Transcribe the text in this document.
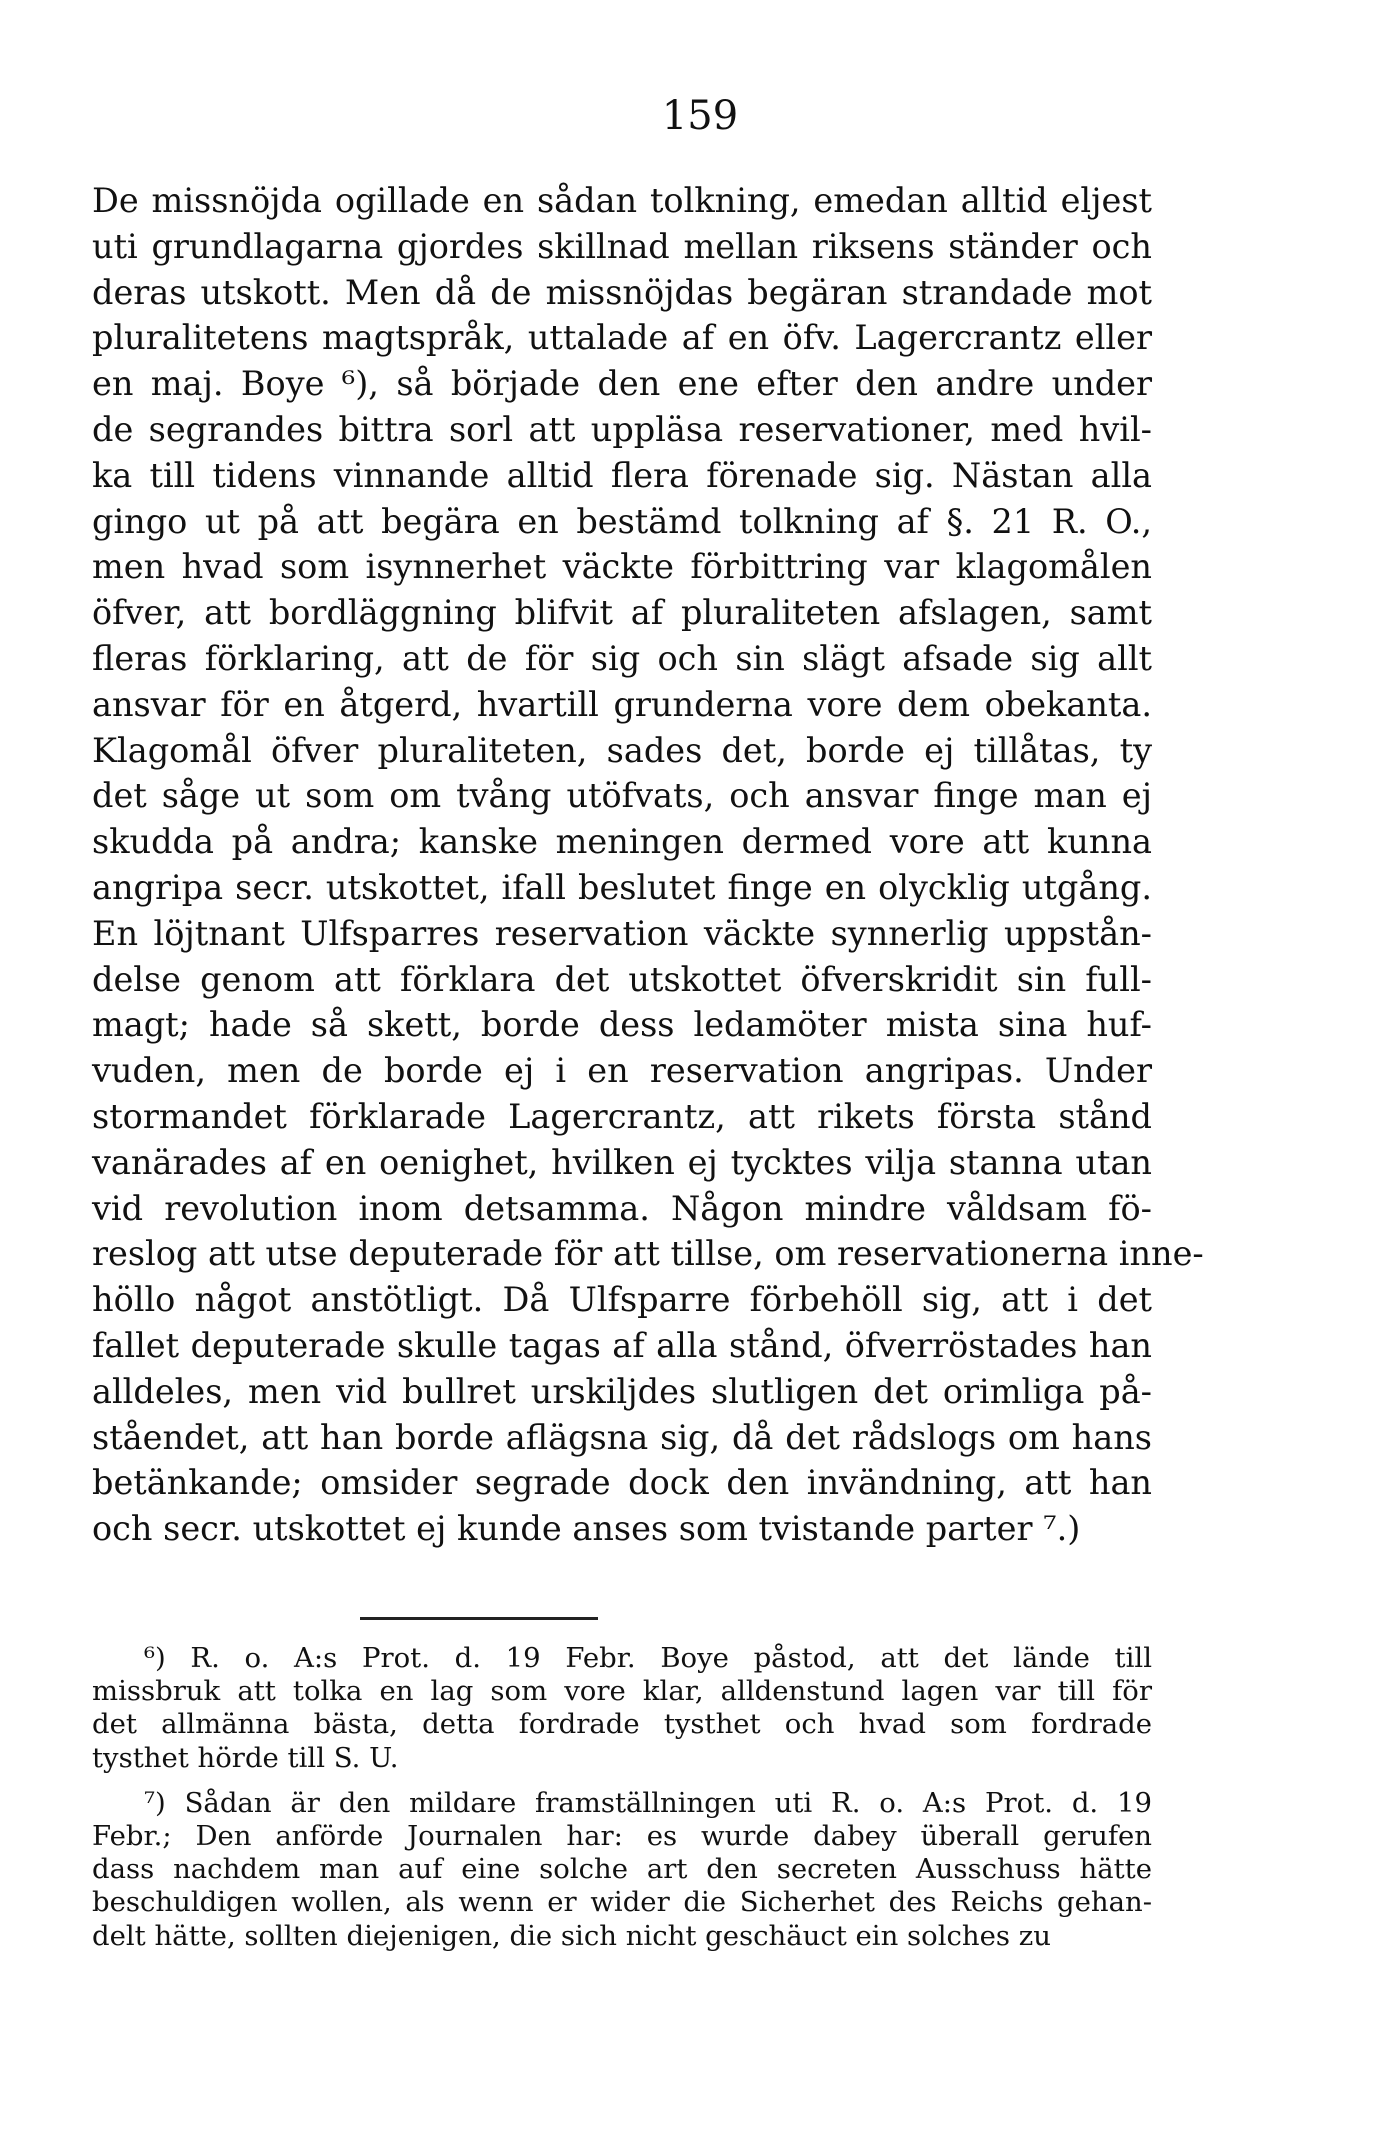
159
De missnöjda ogillade en sådan tolkning, emedan alltid eljest
uti grundlagarna gjordes skillnad mellan riksens ständer och
deras utskott. Men då de missnöjdas begäran strandade mot
pluralitetens magtspråk, uttalade af en öfv. Lagercrantz eller
en maj. Boye ⁶), så började den ene efter den andre under
de segrandes bittra sorl att uppläsa reservationer, med hvil-
ka till tidens vinnande alltid flera förenade sig. Nästan alla
gingo ut på att begära en bestämd tolkning af §. 21 R. O.,
men hvad som isynnerhet väckte förbittring var klagomålen
öfver, att bordläggning blifvit af pluraliteten afslagen, samt
fleras förklaring, att de för sig och sin slägt afsade sig allt
ansvar för en åtgerd, hvartill grunderna vore dem obekanta.
Klagomål öfver pluraliteten, sades det, borde ej tillåtas, ty
det såge ut som om tvång utöfvats, och ansvar finge man ej
skudda på andra; kanske meningen dermed vore att kunna
angripa secr. utskottet, ifall beslutet finge en olycklig utgång.
En löjtnant Ulfsparres reservation väckte synnerlig uppstån-
delse genom att förklara det utskottet öfverskridit sin full-
magt; hade så skett, borde dess ledamöter mista sina huf-
vuden, men de borde ej i en reservation angripas. Under
stormandet förklarade Lagercrantz, att rikets första stånd
vanärades af en oenighet, hvilken ej tycktes vilja stanna utan
vid revolution inom detsamma. Någon mindre våldsam fö-
reslog att utse deputerade för att tillse, om reservationerna inne-
höllo något anstötligt. Då Ulfsparre förbehöll sig, att i det
fallet deputerade skulle tagas af alla stånd, öfverröstades han
alldeles, men vid bullret urskiljdes slutligen det orimliga på-
ståendet, att han borde aflägsna sig, då det rådslogs om hans
betänkande; omsider segrade dock den invändning, att han
och secr. utskottet ej kunde anses som tvistande parter ⁷.)
⁶) R. o. A:s Prot. d. 19 Febr. Boye påstod, att det lände till
missbruk att tolka en lag som vore klar, alldenstund lagen var till för
det allmänna bästa, detta fordrade tysthet och hvad som fordrade
tysthet hörde till S. U.
⁷) Sådan är den mildare framställningen uti R. o. A:s Prot. d. 19
Febr.; Den anförde Journalen har: es wurde dabey überall gerufen
dass nachdem man auf eine solche art den secreten Ausschuss hätte
beschuldigen wollen, als wenn er wider die Sicherhet des Reichs gehan-
delt hätte, sollten diejenigen, die sich nicht geschäuct ein solches zu
